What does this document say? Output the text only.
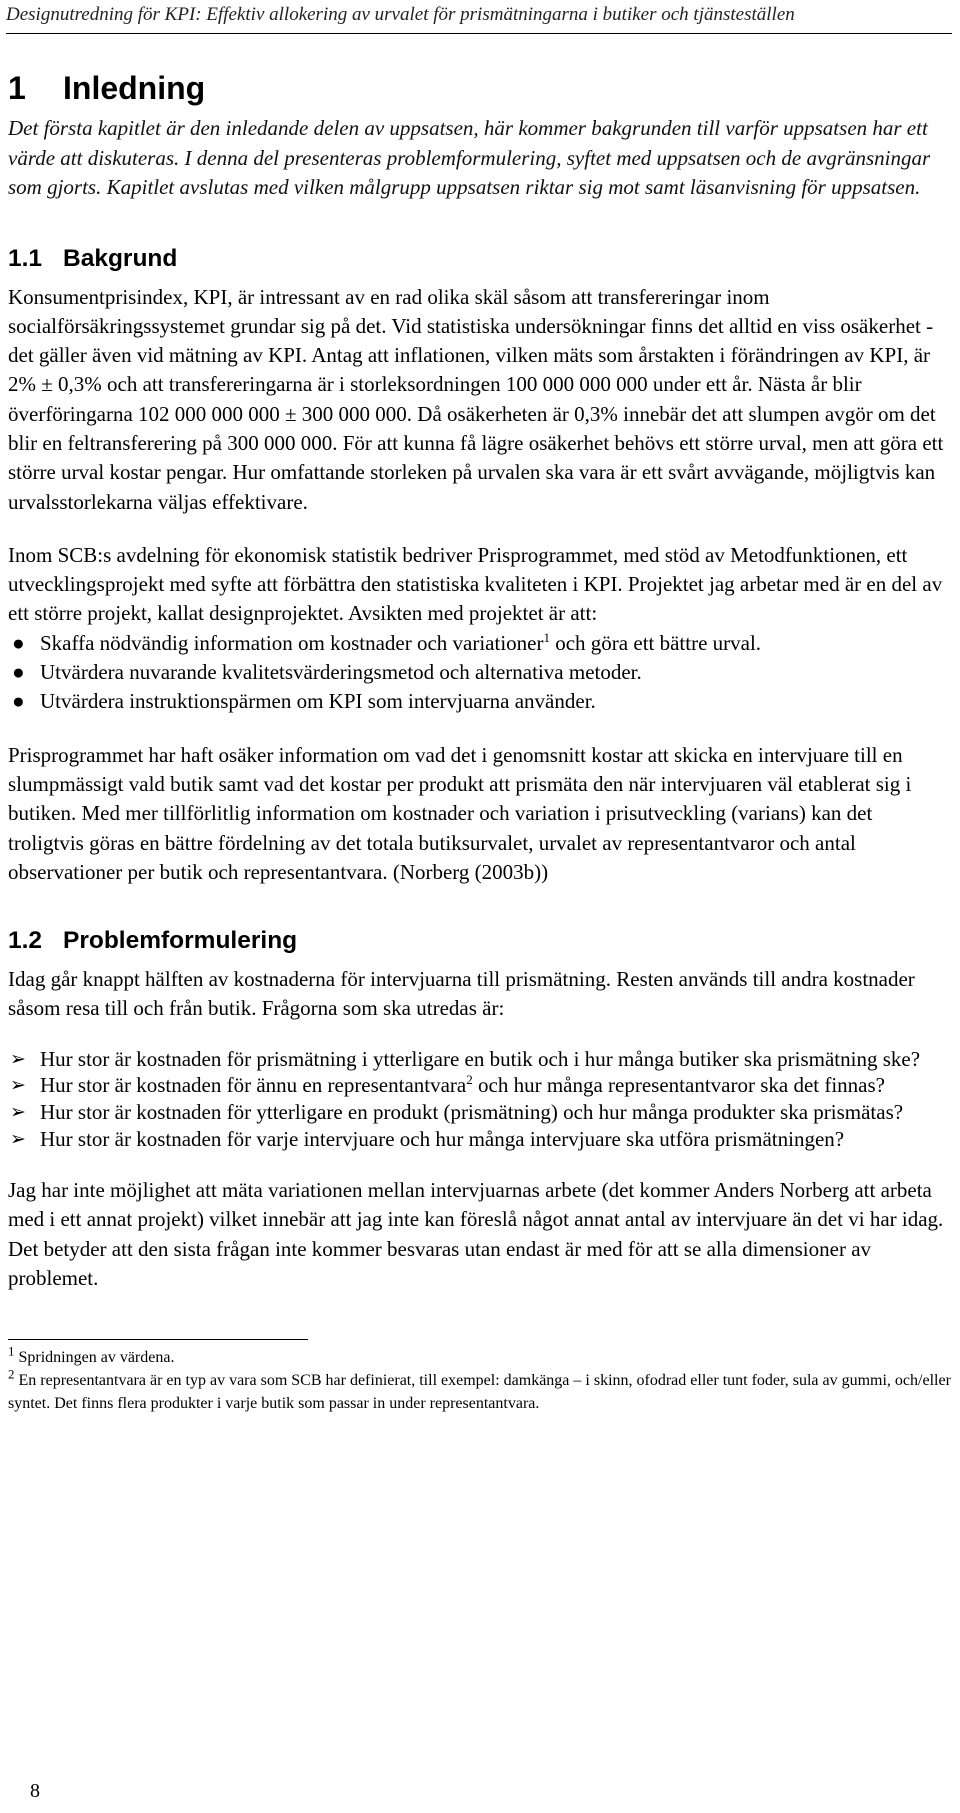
Designutredning för KPI: Effektiv allokering av urvalet för prismätningarna i butiker och tjänsteställen
1 Inledning

Det första kapitlet är den inledande delen av uppsatsen, här kommer bakgrunden till varför uppsatsen har ett värde att diskuteras. I denna del presenteras problemformulering, syftet med uppsatsen och de avgränsningar som gjorts. Kapitlet avslutas med vilken målgrupp uppsatsen riktar sig mot samt läsanvisning för uppsatsen.

1.1 Bakgrund

Konsumentprisindex, KPI, är intressant av en rad olika skäl såsom att transfereringar inom socialförsäkringssystemet grundar sig på det. Vid statistiska undersökningar finns det alltid en viss osäkerhet - det gäller även vid mätning av KPI. Antag att inflationen, vilken mäts som årstakten i förändringen av KPI, är 2% ± 0,3% och att transfereringarna är i storleksordningen 100 000 000 000 under ett år. Nästa år blir överföringarna 102 000 000 000 ± 300 000 000. Då osäkerheten är 0,3% innebär det att slumpen avgör om det blir en feltransferering på 300 000 000. För att kunna få lägre osäkerhet behövs ett större urval, men att göra ett större urval kostar pengar. Hur omfattande storleken på urvalen ska vara är ett svårt avvägande, möjligtvis kan urvalsstorlekarna väljas effektivare.

Inom SCB:s avdelning för ekonomisk statistik bedriver Prisprogrammet, med stöd av Metodfunktionen, ett utvecklingsprojekt med syfte att förbättra den statistiska kvaliteten i KPI. Projektet jag arbetar med är en del av ett större projekt, kallat designprojektet. Avsikten med projektet är att:

● Skaffa nödvändig information om kostnader och variationer$^1$ och göra ett bättre urval.
● Utvärdera nuvarande kvalitetsvärderingsmetod och alternativa metoder.
● Utvärdera instruktionspärmen om KPI som intervjuarna använder.

Prisprogrammet har haft osäker information om vad det i genomsnitt kostar att skicka en intervjuare till en slumpmässigt vald butik samt vad det kostar per produkt att prismäta den när intervjuaren väl etablerat sig i butiken. Med mer tillförlitlig information om kostnader och variation i prisutveckling (varians) kan det troligtvis göras en bättre fördelning av det totala butiksurvalet, urvalet av representantvaror och antal observationer per butik och representantvara. (Norberg (2003b))

1.2 Problemformulering

Idag går knappt hälften av kostnaderna för intervjuarna till prismätning. Resten används till andra kostnader såsom resa till och från butik. Frågorna som ska utredas är:

➢ Hur stor är kostnaden för prismätning i ytterligare en butik och i hur många butiker ska prismätning ske?
➢ Hur stor är kostnaden för ännu en representantvara$^2$ och hur många representantvaror ska det finnas?
➢ Hur stor är kostnaden för ytterligare en produkt (prismätning) och hur många produkter ska prismätas?
➢ Hur stor är kostnaden för varje intervjuare och hur många intervjuare ska utföra prismätningen?

Jag har inte möjlighet att mäta variationen mellan intervjuarnas arbete (det kommer Anders Norberg att arbeta med i ett annat projekt) vilket innebär att jag inte kan föreslå något annat antal av intervjuare än det vi har idag. Det betyder att den sista frågan inte kommer besvaras utan endast är med för att se alla dimensioner av problemet.

$^1$ Spridningen av värdena.

$^2$ En representantvara är en typ av vara som SCB har definierat, till exempel: damkänga – i skinn, ofodrad eller tunt foder, sula av gummi, och/eller syntet. Det finns flera produkter i varje butik som passar in under representantvara.

8
